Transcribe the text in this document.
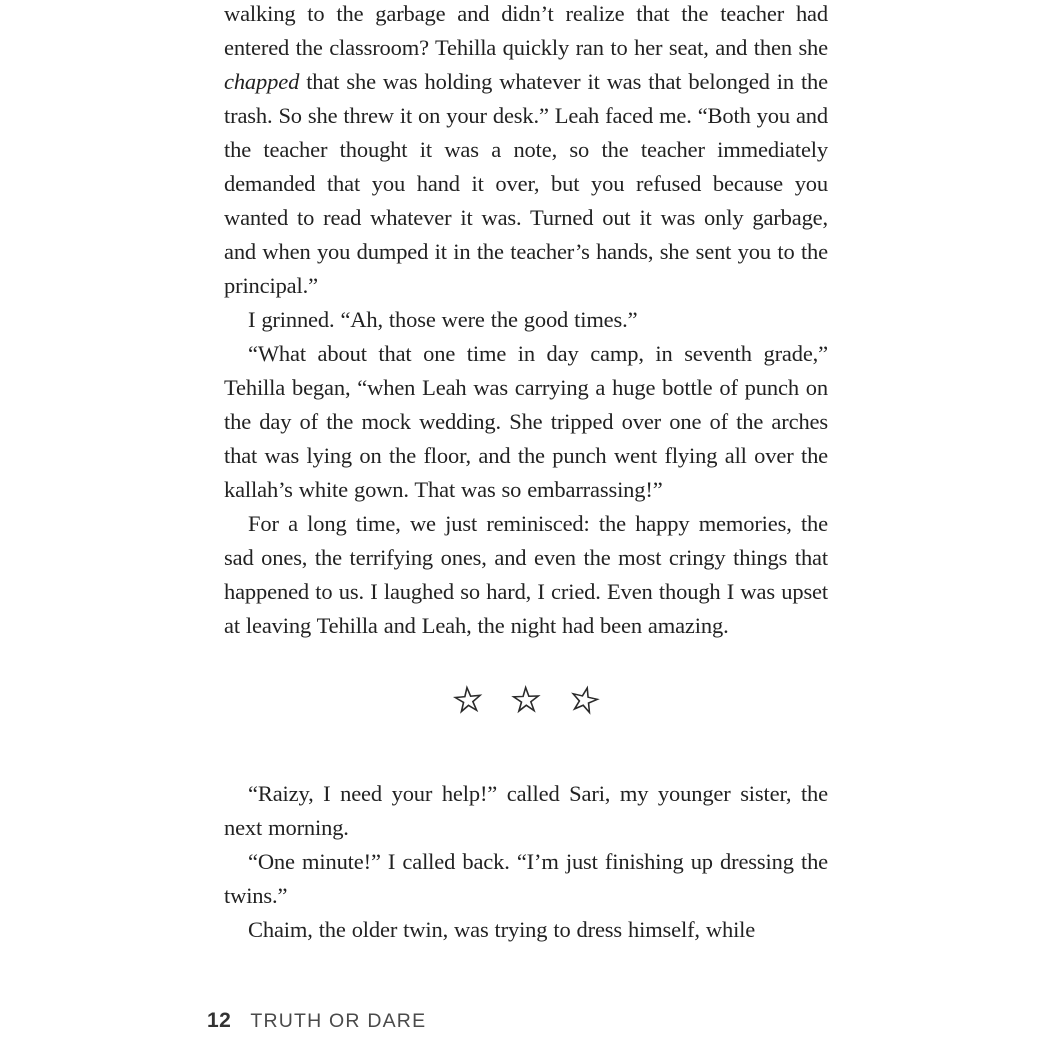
walking to the garbage and didn’t realize that the teacher had entered the classroom? Tehilla quickly ran to her seat, and then she chapped that she was holding whatever it was that belonged in the trash. So she threw it on your desk.” Leah faced me. “Both you and the teacher thought it was a note, so the teacher immediately demanded that you hand it over, but you refused because you wanted to read whatever it was. Turned out it was only garbage, and when you dumped it in the teacher’s hands, she sent you to the principal.”

I grinned. “Ah, those were the good times.”

“What about that one time in day camp, in seventh grade,” Tehilla began, “when Leah was carrying a huge bottle of punch on the day of the mock wedding. She tripped over one of the arches that was lying on the floor, and the punch went flying all over the kallah’s white gown. That was so embarrassing!”

For a long time, we just reminisced: the happy memories, the sad ones, the terrifying ones, and even the most cringy things that happened to us. I laughed so hard, I cried. Even though I was upset at leaving Tehilla and Leah, the night had been amazing.

☆ ☆ ☆

“Raizy, I need your help!” called Sari, my younger sister, the next morning.

“One minute!” I called back. “I’m just finishing up dressing the twins.”

Chaim, the older twin, was trying to dress himself, while

12 TRUTH OR DARE
